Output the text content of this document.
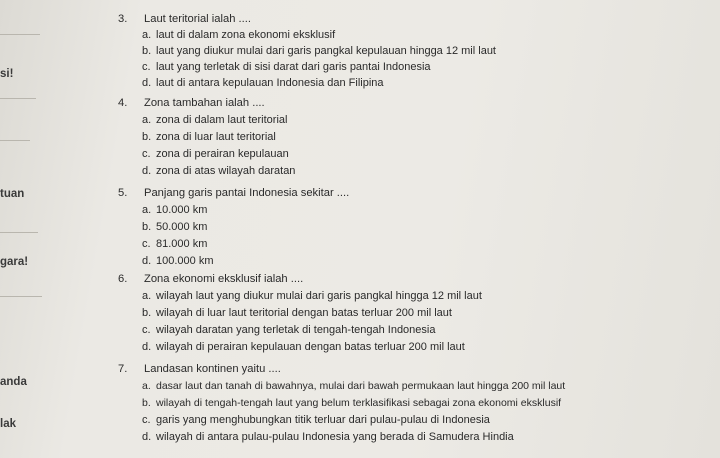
si!
tuan
gara!
anda
lak
3.	Laut teritorial ialah ....
a. laut di dalam zona ekonomi eksklusif
b. laut yang diukur mulai dari garis pangkal kepulauan hingga 12 mil laut
c. laut yang terletak di sisi darat dari garis pantai Indonesia
d. laut di antara kepulauan Indonesia dan Filipina
4.	Zona tambahan ialah ....
a. zona di dalam laut teritorial
b. zona di luar laut teritorial
c. zona di perairan kepulauan
d. zona di atas wilayah daratan
5.	Panjang garis pantai Indonesia sekitar ....
a. 10.000 km
b. 50.000 km
c. 81.000 km
d. 100.000 km
6.	Zona ekonomi eksklusif ialah ....
a. wilayah laut yang diukur mulai dari garis pangkal hingga 12 mil laut
b. wilayah di luar laut teritorial dengan batas terluar 200 mil laut
c. wilayah daratan yang terletak di tengah-tengah Indonesia
d. wilayah di perairan kepulauan dengan batas terluar 200 mil laut
7.	Landasan kontinen yaitu ....
a. dasar laut dan tanah di bawahnya, mulai dari bawah permukaan laut hingga 200 mil laut
b. wilayah di tengah-tengah laut yang belum terklasifikasi sebagai zona ekonomi eksklusif
c. garis yang menghubungkan titik terluar dari pulau-pulau di Indonesia
d. wilayah di antara pulau-pulau Indonesia yang berada di Samudera Hindia
